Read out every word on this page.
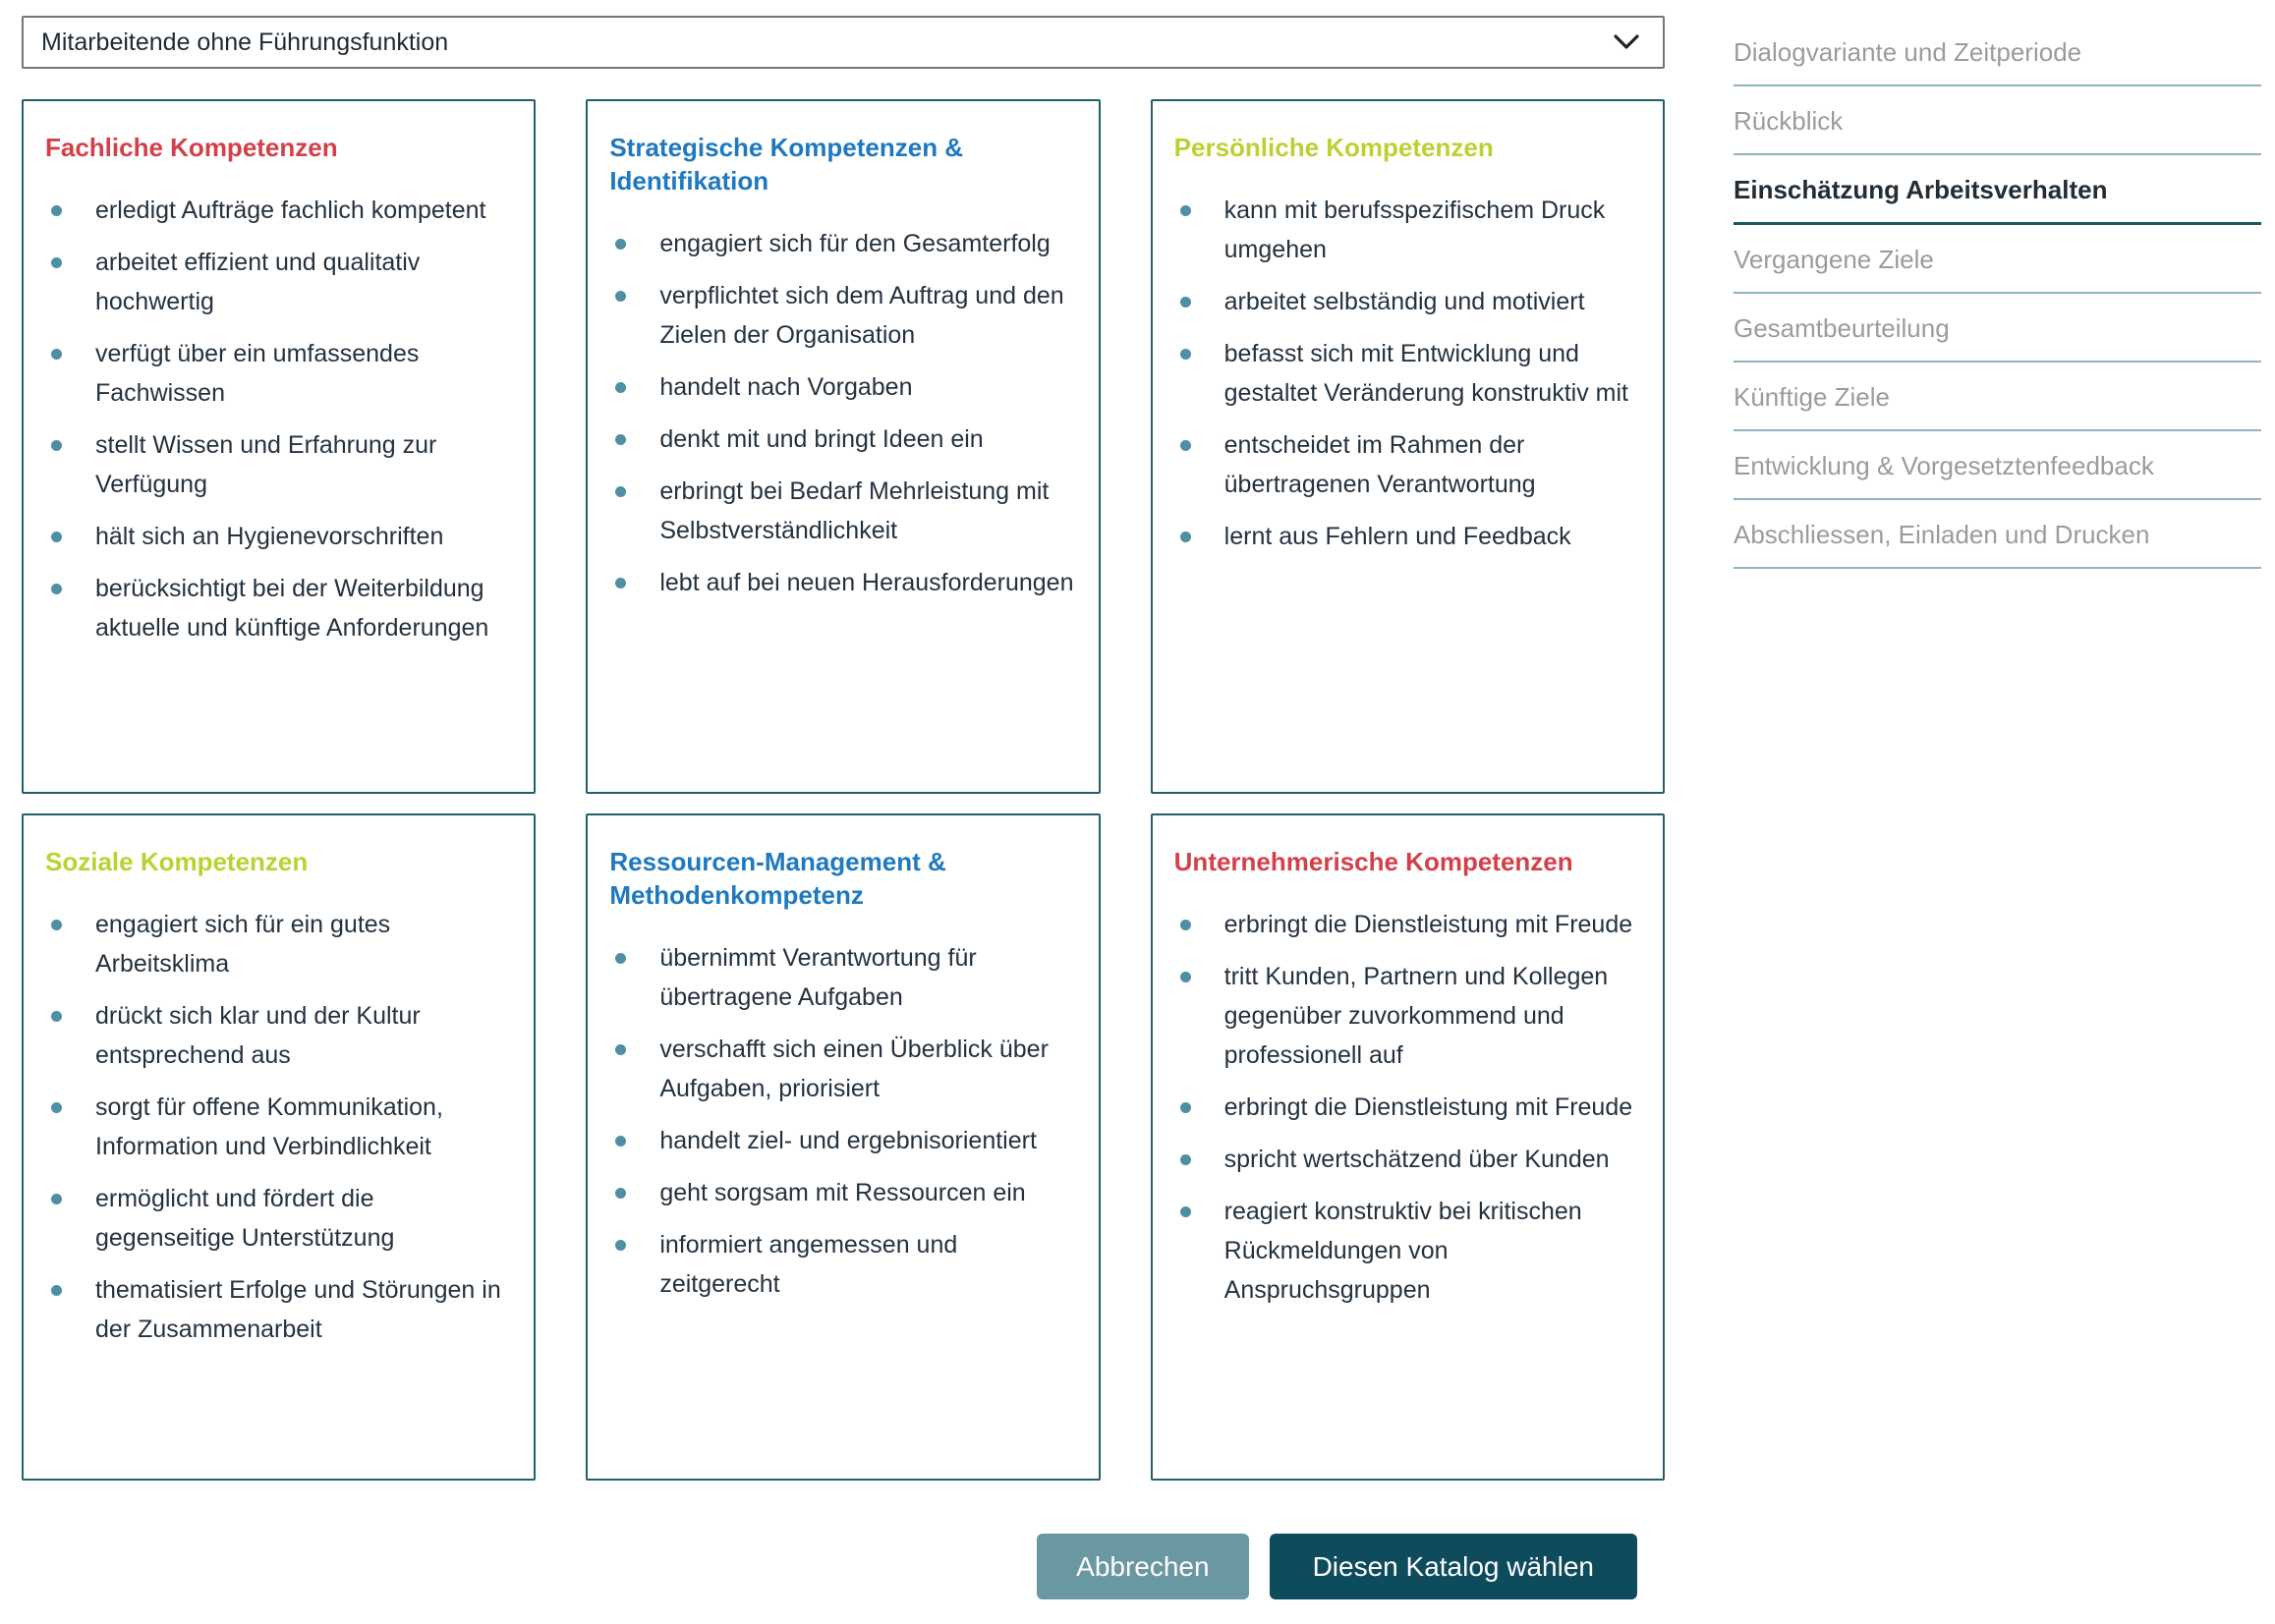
Mitarbeitende ohne Führungsfunktion
Fachliche Kompetenzen
erledigt Aufträge fachlich kompetent
arbeitet effizient und qualitativ hochwertig
verfügt über ein umfassendes Fachwissen
stellt Wissen und Erfahrung zur Verfügung
hält sich an Hygienevorschriften
berücksichtigt bei der Weiterbildung aktuelle und künftige Anforderungen
Strategische Kompetenzen & Identifikation
engagiert sich für den Gesamterfolg
verpflichtet sich dem Auftrag und den Zielen der Organisation
handelt nach Vorgaben
denkt mit und bringt Ideen ein
erbringt bei Bedarf Mehrleistung mit Selbstverständlichkeit
lebt auf bei neuen Herausforderungen
Persönliche Kompetenzen
kann mit berufsspezifischem Druck umgehen
arbeitet selbständig und motiviert
befasst sich mit Entwicklung und gestaltet Veränderung konstruktiv mit
entscheidet im Rahmen der übertragenen Verantwortung
lernt aus Fehlern und Feedback
Soziale Kompetenzen
engagiert sich für ein gutes Arbeitsklima
drückt sich klar und der Kultur entsprechend aus
sorgt für offene Kommunikation, Information und Verbindlichkeit
ermöglicht und fördert die gegenseitige Unterstützung
thematisiert Erfolge und Störungen in der Zusammenarbeit
Ressourcen-Management & Methodenkompetenz
übernimmt Verantwortung für übertragene Aufgaben
verschafft sich einen Überblick über Aufgaben, priorisiert
handelt ziel- und ergebnisorientiert
geht sorgsam mit Ressourcen ein
informiert angemessen und zeitgerecht
Unternehmerische Kompetenzen
erbringt die Dienstleistung mit Freude
tritt Kunden, Partnern und Kollegen gegenüber zuvorkommend und professionell auf
erbringt die Dienstleistung mit Freude
spricht wertschätzend über Kunden
reagiert konstruktiv bei kritischen Rückmeldungen von Anspruchsgruppen
Abbrechen	Diesen Katalog wählen
Dialogvariante und Zeitperiode
Rückblick
Einschätzung Arbeitsverhalten
Vergangene Ziele
Gesamtbeurteilung
Künftige Ziele
Entwicklung & Vorgesetztenfeedback
Abschliessen, Einladen und Drucken
